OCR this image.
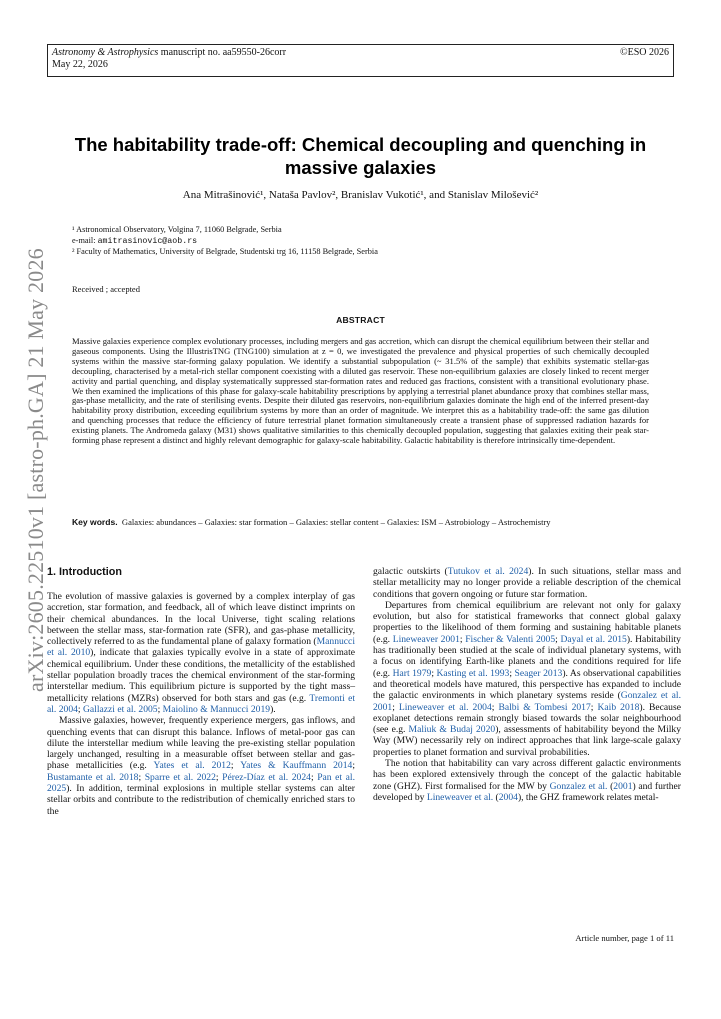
Astronomy & Astrophysics manuscript no. aa59550-26corr	©ESO 2026
May 22, 2026
arXiv:2605.22510v1 [astro-ph.GA] 21 May 2026
The habitability trade-off: Chemical decoupling and quenching in
massive galaxies
Ana Mitrašinović¹, Nataša Pavlov², Branislav Vukotić¹, and Stanislav Milošević²
¹ Astronomical Observatory, Volgina 7, 11060 Belgrade, Serbia
e-mail: amitrasinovic@aob.rs
² Faculty of Mathematics, University of Belgrade, Studentski trg 16, 11158 Belgrade, Serbia
Received ; accepted
ABSTRACT
Massive galaxies experience complex evolutionary processes, including mergers and gas accretion, which can disrupt the chemical equilibrium between their stellar and gaseous components. Using the IllustrisTNG (TNG100) simulation at z = 0, we investigated the prevalence and physical properties of such chemically decoupled systems within the massive star-forming galaxy population. We identify a substantial subpopulation (~ 31.5% of the sample) that exhibits systematic stellar-gas decoupling, characterised by a metal-rich stellar component coexisting with a diluted gas reservoir. These non-equilibrium galaxies are closely linked to recent merger activity and partial quenching, and display systematically suppressed star-formation rates and reduced gas fractions, consistent with a transitional evolutionary phase. We then examined the implications of this phase for galaxy-scale habitability prescriptions by applying a terrestrial planet abundance proxy that combines stellar mass, gas-phase metallicity, and the rate of sterilising events. Despite their diluted gas reservoirs, non-equilibrium galaxies dominate the high end of the inferred present-day habitability proxy distribution, exceeding equilibrium systems by more than an order of magnitude. We interpret this as a habitability trade-off: the same gas dilution and quenching processes that reduce the efficiency of future terrestrial planet formation simultaneously create a transient phase of suppressed radiation hazards for existing planets. The Andromeda galaxy (M31) shows qualitative similarities to this chemically decoupled population, suggesting that galaxies exiting their peak star-forming phase represent a distinct and highly relevant demographic for galaxy-scale habitability. Galactic habitability is therefore intrinsically time-dependent.
Key words. Galaxies: abundances – Galaxies: star formation – Galaxies: stellar content – Galaxies: ISM – Astrobiology – Astrochemistry
1. Introduction

The evolution of massive galaxies is governed by a complex interplay of gas accretion, star formation, and feedback, all of which leave distinct imprints on their chemical abundances. In the local Universe, tight scaling relations between the stellar mass, star-formation rate (SFR), and gas-phase metallicity, collectively referred to as the fundamental plane of galaxy formation (Mannucci et al. 2010), indicate that galaxies typically evolve in a state of approximate chemical equilibrium. Under these conditions, the metallicity of the established stellar population broadly traces the chemical environment of the star-forming interstellar medium. This equilibrium picture is supported by the tight mass–metallicity relations (MZRs) observed for both stars and gas (e.g. Tremonti et al. 2004; Gallazzi et al. 2005; Maiolino & Mannucci 2019).

Massive galaxies, however, frequently experience mergers, gas inflows, and quenching events that can disrupt this balance. Inflows of metal-poor gas can dilute the interstellar medium while leaving the pre-existing stellar population largely unchanged, resulting in a measurable offset between stellar and gas-phase metallicities (e.g. Yates et al. 2012; Yates & Kauffmann 2014; Bustamante et al. 2018; Sparre et al. 2022; Pérez-Díaz et al. 2024; Pan et al. 2025). In addition, terminal explosions in multiple stellar systems can alter stellar orbits and contribute to the redistribution of chemically enriched stars to the

galactic outskirts (Tutukov et al. 2024). In such situations, stellar mass and stellar metallicity may no longer provide a reliable description of the chemical conditions that govern ongoing or future star formation.

Departures from chemical equilibrium are relevant not only for galaxy evolution, but also for statistical frameworks that connect global galaxy properties to the likelihood of them forming and sustaining habitable planets (e.g. Lineweaver 2001; Fischer & Valenti 2005; Dayal et al. 2015). Habitability has traditionally been studied at the scale of individual planetary systems, with a focus on identifying Earth-like planets and the conditions required for life (e.g. Hart 1979; Kasting et al. 1993; Seager 2013). As observational capabilities and theoretical models have matured, this perspective has expanded to include the galactic environments in which planetary systems reside (Gonzalez et al. 2001; Lineweaver et al. 2004; Balbi & Tombesi 2017; Kaib 2018). Because exoplanet detections remain strongly biased towards the solar neighbourhood (see e.g. Maliuk & Budaj 2020), assessments of habitability beyond the Milky Way (MW) necessarily rely on indirect approaches that link large-scale galaxy properties to planet formation and survival probabilities.

The notion that habitability can vary across different galactic environments has been explored extensively through the concept of the galactic habitable zone (GHZ). First formalised for the MW by Gonzalez et al. (2001) and further developed by Lineweaver et al. (2004), the GHZ framework relates metal-

Article number, page 1 of 11
